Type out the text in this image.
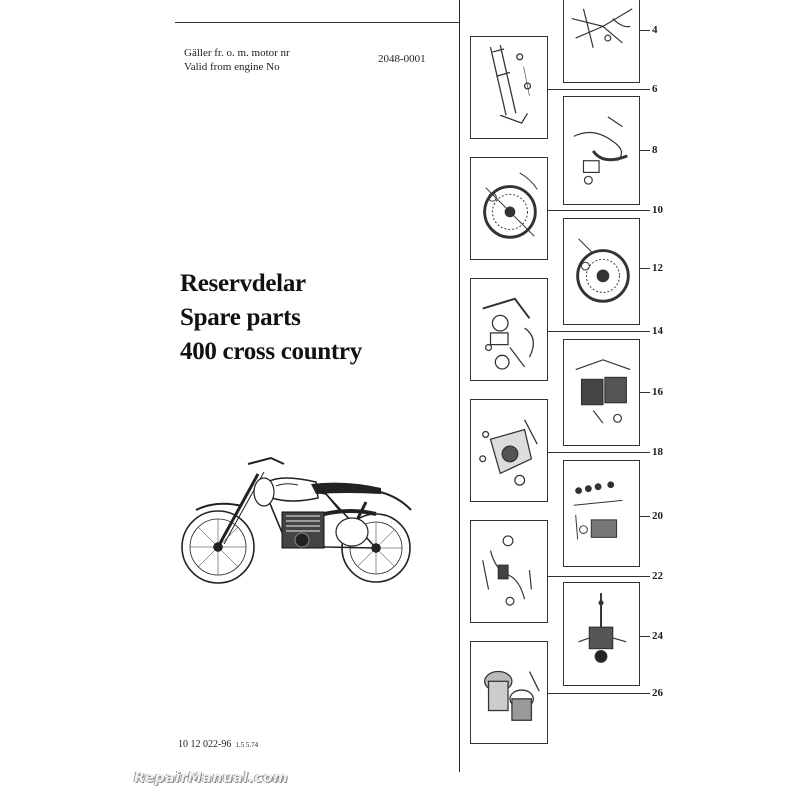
Gäller fr. o. m. motor nr
Valid from engine No
2048-0001
Reservdelar
Spare parts
400 cross country
10 12 022-96 1.5 5.74
RepairManual.com
4
6
8
10
12
14
16
18
20
22
24
26
